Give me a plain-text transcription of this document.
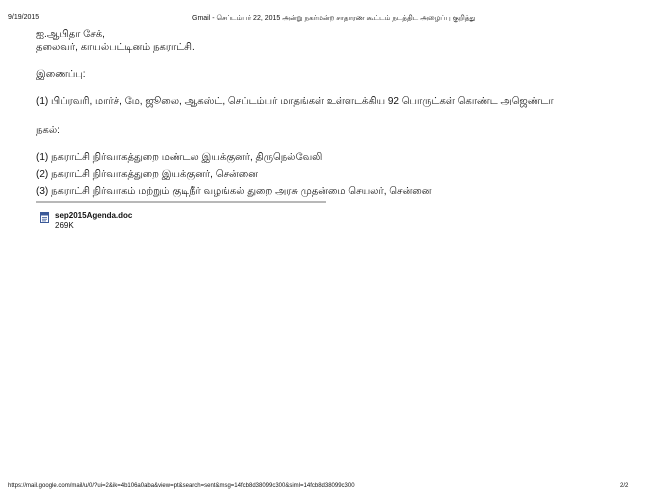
9/19/2015	Gmail - செப்டம்பர் 22, 2015 அன்று நகர்மன்ற சாதாரண கூட்டம் நடத்திட அழைப்பு குறித்து

ஐ.ஆபிதா சேக்,

தலைவர், காயல்பட்டினம் நகராட்சி.

இணைப்பு:

(1) பிப்ரவரி, மார்ச், மே, ஜூலை, ஆகஸ்ட், செப்டம்பர் மாதங்கள் உள்ளடக்கிய 92 பொருட்கள் கொண்ட அஜெண்டா

நகல்:

(1) நகராட்சி நிர்வாகத்துறை மண்டல இயக்குனர், திருநெல்வேலி

(2) நகராட்சி நிர்வாகத்துறை இயக்குனர், சென்னை

(3) நகராட்சி நிர்வாகம் மற்றும் குடிநீர் வழங்கல் துறை அரசு முதன்மை செயலர், சென்னை

sep2015Agenda.doc
269K
https://mail.google.com/mail/u/0/?ui=2&ik=4b106a0aba&view=pt&search=sent&msg=14fcb8d38099c300&siml=14fcb8d38099c300	2/2
